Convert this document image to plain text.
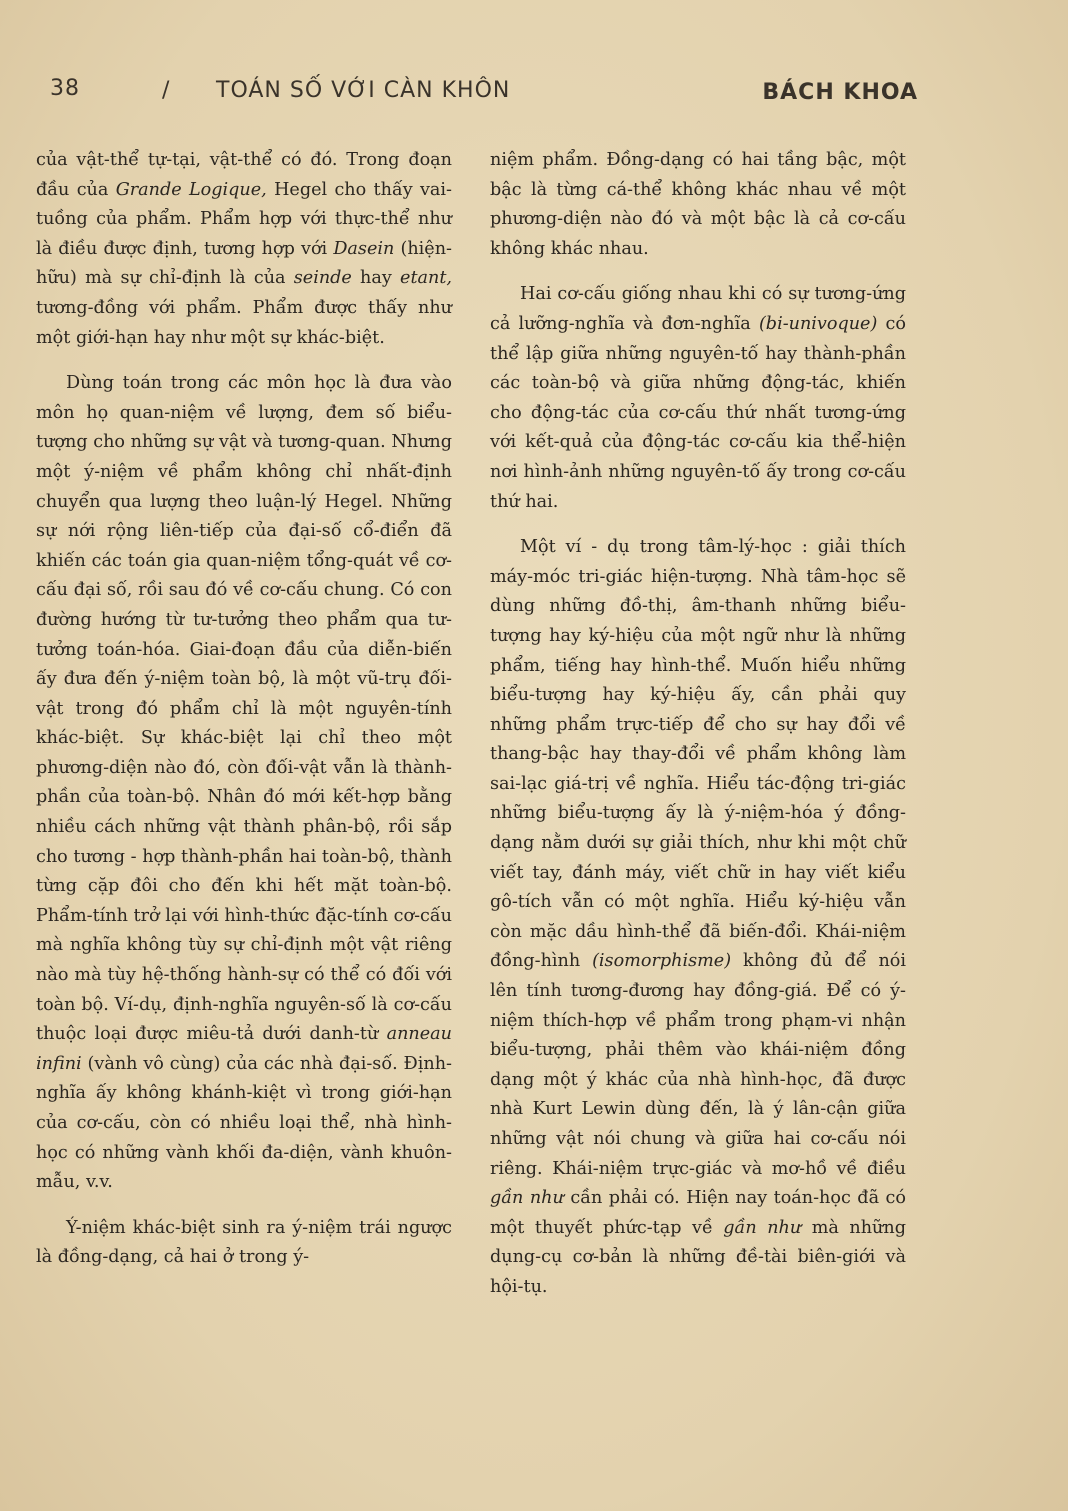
38	/ TOÁN SỐ VỚI CÀN KHÔN	BÁCH KHOA

của vật-thể tự-tại, vật-thể có đó. Trong đoạn đầu của Grande Logique, Hegel cho thấy vai-tuồng của phẩm. Phẩm hợp với thực-thể như là điều được định, tương hợp với Dasein (hiện-hữu) mà sự chỉ-định là của seinde hay etant, tương-đồng với phẩm. Phẩm được thấy như một giới-hạn hay như một sự khác-biệt.

Dùng toán trong các môn học là đưa vào môn họ quan-niệm về lượng, đem số biểu-tượng cho những sự vật và tương-quan. Nhưng một ý-niệm về phẩm không chỉ nhất-định chuyển qua lượng theo luận-lý Hegel. Những sự nới rộng liên-tiếp của đại-số cổ-điển đã khiến các toán gia quan-niệm tổng-quát về cơ-cấu đại số, rồi sau đó về cơ-cấu chung. Có con đường hướng từ tư-tưởng theo phẩm qua tư-tưởng toán-hóa. Giai-đoạn đầu của diễn-biến ấy đưa đến ý-niệm toàn bộ, là một vũ-trụ đối-vật trong đó phẩm chỉ là một nguyên-tính khác-biệt. Sự khác-biệt lại chỉ theo một phương-diện nào đó, còn đối-vật vẫn là thành-phần của toàn-bộ. Nhân đó mới kết-hợp bằng nhiều cách những vật thành phân-bộ, rồi sắp cho tương - hợp thành-phần hai toàn-bộ, thành từng cặp đôi cho đến khi hết mặt toàn-bộ. Phẩm-tính trở lại với hình-thức đặc-tính cơ-cấu mà nghĩa không tùy sự chỉ-định một vật riêng nào mà tùy hệ-thống hành-sự có thể có đối với toàn bộ. Ví-dụ, định-nghĩa nguyên-số là cơ-cấu thuộc loại được miêu-tả dưới danh-từ anneau infini (vành vô cùng) của các nhà đại-số. Định-nghĩa ấy không khánh-kiệt vì trong giới-hạn của cơ-cấu, còn có nhiều loại thể, nhà hình-học có những vành khối đa-diện, vành khuôn-mẫu, v.v.

Ý-niệm khác-biệt sinh ra ý-niệm trái ngược là đồng-dạng, cả hai ở trong ý-

niệm phẩm. Đồng-dạng có hai tầng bậc, một bậc là từng cá-thể không khác nhau về một phương-diện nào đó và một bậc là cả cơ-cấu không khác nhau.

Hai cơ-cấu giống nhau khi có sự tương-ứng cả lưỡng-nghĩa và đơn-nghĩa (bi-univoque) có thể lập giữa những nguyên-tố hay thành-phần các toàn-bộ và giữa những động-tác, khiến cho động-tác của cơ-cấu thứ nhất tương-ứng với kết-quả của động-tác cơ-cấu kia thể-hiện nơi hình-ảnh những nguyên-tố ấy trong cơ-cấu thứ hai.

Một ví - dụ trong tâm-lý-học : giải thích máy-móc tri-giác hiện-tượng. Nhà tâm-học sẽ dùng những đồ-thị, âm-thanh những biểu-tượng hay ký-hiệu của một ngữ như là những phẩm, tiếng hay hình-thể. Muốn hiểu những biểu-tượng hay ký-hiệu ấy, cần phải quy những phẩm trực-tiếp để cho sự hay đổi về thang-bậc hay thay-đổi về phẩm không làm sai-lạc giá-trị về nghĩa. Hiểu tác-động tri-giác những biểu-tượng ấy là ý-niệm-hóa ý đồng-dạng nằm dưới sự giải thích, như khi một chữ viết tay, đánh máy, viết chữ in hay viết kiểu gô-tích vẫn có một nghĩa. Hiểu ký-hiệu vẫn còn mặc dầu hình-thể đã biến-đổi. Khái-niệm đồng-hình (isomorphisme) không đủ để nói lên tính tương-đương hay đồng-giá. Để có ý- niệm thích-hợp về phẩm trong phạm-vi nhận biểu-tượng, phải thêm vào khái-niệm đồng dạng một ý khác của nhà hình-học, đã được nhà Kurt Lewin dùng đến, là ý lân-cận giữa những vật nói chung và giữa hai cơ-cấu nói riêng. Khái-niệm trực-giác và mơ-hồ về điều gần như cần phải có. Hiện nay toán-học đã có một thuyết phức-tạp về gần như mà những dụng-cụ cơ-bản là những đề-tài biên-giới và hội-tụ.
